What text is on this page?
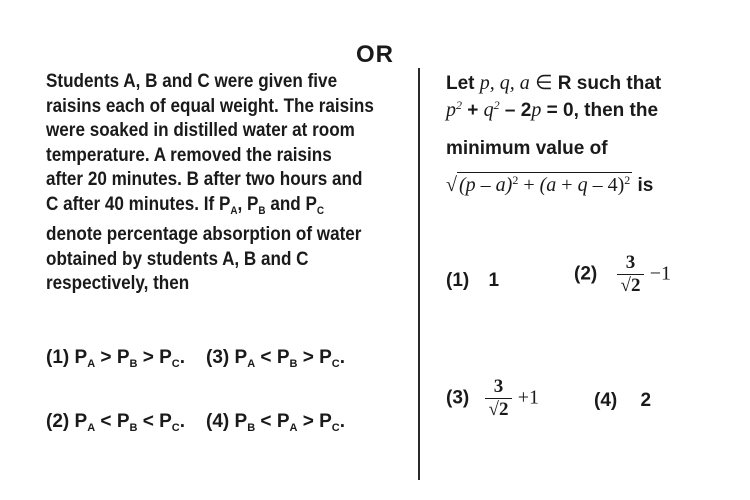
OR
Students A, B and C were given five
raisins each of equal weight. The raisins
were soaked in distilled water at room
temperature. A removed the raisins
after 20 minutes. B after two hours and
C after 40 minutes. If $P_A$, $P_B$ and $P_C$
denote percentage absorption of water
obtained by students A, B and C
respectively, then
(1) $P_A > P_B > P_C$. (3) $P_A < P_B > P_C$.
(2) $P_A < P_B < P_C$. (4) $P_B < P_A > P_C$.
Let p, q, a ∈ R such that
$p^2 + q^2 - 2p = 0$, then the
minimum value of
√ $(p - a)^2 + (a + q - 4)^2$ is
(1) 1	$(2) \frac{3}{√2} -1$
$(3) \frac{3}{√2} +1$	(4) 2
